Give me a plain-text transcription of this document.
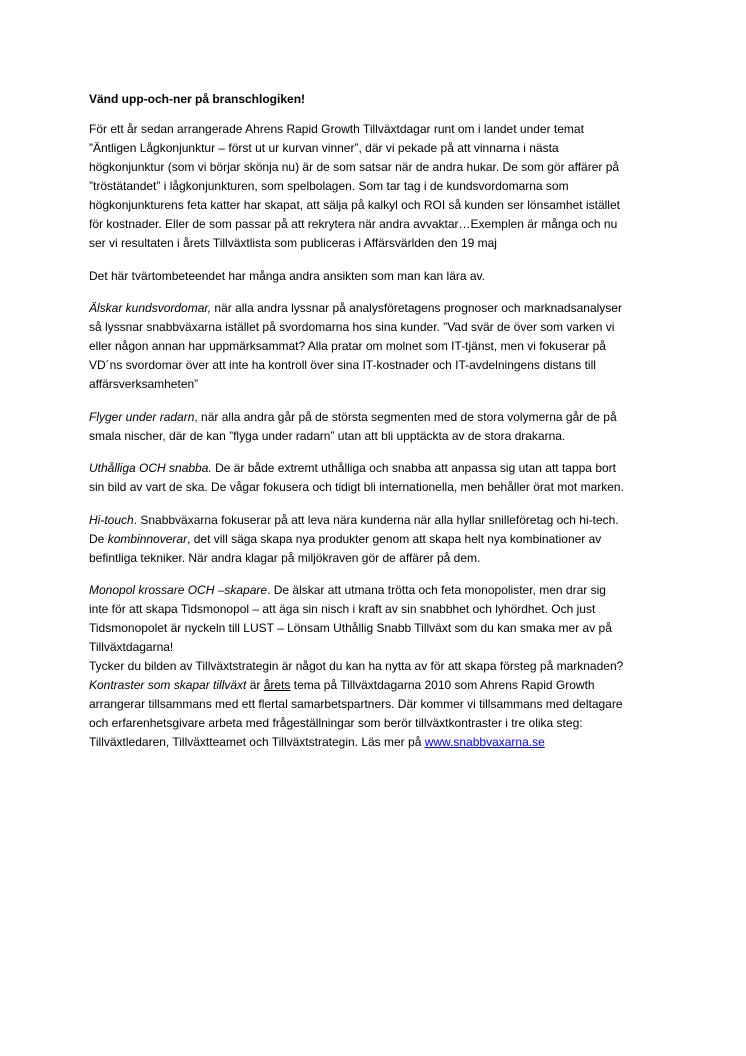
Vänd upp-och-ner på branschlogiken!
För ett år sedan arrangerade Ahrens Rapid Growth Tillväxtdagar runt om i landet under temat
”Äntligen Lågkonjunktur – först ut ur kurvan vinner”, där vi pekade på att vinnarna i nästa
högkonjunktur (som vi börjar skönja nu) är de som satsar när de andra hukar. De som gör affärer på
”tröstätandet” i lågkonjunkturen, som spelbolagen. Som tar tag i de kundsvordomarna som
högkonjunkturens feta katter har skapat, att sälja på kalkyl och ROI så kunden ser lönsamhet istället
för kostnader. Eller de som passar på att rekrytera när andra avvaktar…Exemplen är många och nu
ser vi resultaten i årets Tillväxtlista som publiceras i Affärsvärlden den 19 maj
Det här tvärtombeteendet har många andra ansikten som man kan lära av.
Älskar kundsvordomar, när alla andra lyssnar på analysföretagens prognoser och marknadsanalyser
så lyssnar snabbväxarna istället på svordomarna hos sina kunder. ”Vad svär de över som varken vi
eller någon annan har uppmärksammat? Alla pratar om molnet som IT-tjänst, men vi fokuserar på
VD´ns svordomar över att inte ha kontroll över sina IT-kostnader och IT-avdelningens distans till
affärsverksamheten”
Flyger under radarn, när alla andra går på de största segmenten med de stora volymerna går de på
smala nischer, där de kan ”flyga under radarn” utan att bli upptäckta av de stora drakarna.
Uthålliga OCH snabba. De är både extremt uthålliga och snabba att anpassa sig utan att tappa bort
sin bild av vart de ska. De vågar fokusera och tidigt bli internationella, men behåller örat mot marken.
Hi-touch. Snabbväxarna fokuserar på att leva nära kunderna när alla hyllar snilleföretag och hi-tech.
De kombinnoverar, det vill säga skapa nya produkter genom att skapa helt nya kombinationer av
befintliga tekniker. När andra klagar på miljökraven gör de affärer på dem.
Monopol krossare OCH –skapare. De älskar att utmana trötta och feta monopolister, men drar sig
inte för att skapa Tidsmonopol – att äga sin nisch i kraft av sin snabbhet och lyhördhet. Och just
Tidsmonopolet är nyckeln till LUST – Lönsam Uthållig Snabb Tillväxt som du kan smaka mer av på
Tillväxtdagarna!
Tycker du bilden av Tillväxtstrategin är något du kan ha nytta av för att skapa försteg på marknaden?
Kontraster som skapar tillväxt är årets tema på Tillväxtdagarna 2010 som Ahrens Rapid Growth
arrangerar tillsammans med ett flertal samarbetspartners. Där kommer vi tillsammans med deltagare
och erfarenhetsgivare arbeta med frågeställningar som berör tillväxtkontraster i tre olika steg:
Tillväxtledaren, Tillväxtteamet och Tillväxtstrategin. Läs mer på www.snabbvaxarna.se
